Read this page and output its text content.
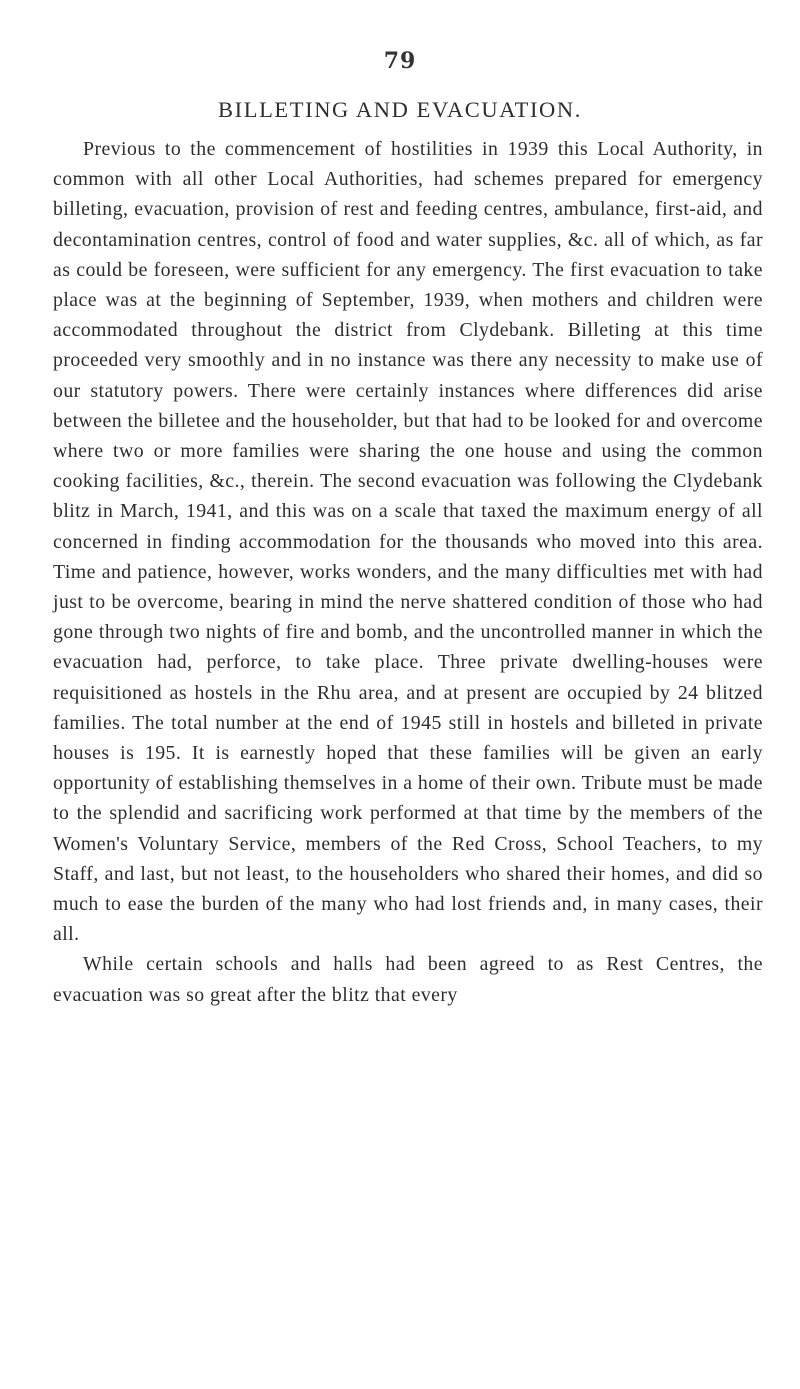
79
BILLETING AND EVACUATION.

Previous to the commencement of hostilities in 1939 this Local Authority, in common with all other Local Authorities, had schemes prepared for emergency billeting, evacuation, provision of rest and feeding centres, ambulance, first-aid, and decontamination centres, control of food and water supplies, &c. all of which, as far as could be foreseen, were sufficient for any emergency. The first evacuation to take place was at the beginning of September, 1939, when mothers and children were accommodated throughout the district from Clydebank. Billeting at this time proceeded very smoothly and in no instance was there any necessity to make use of our statutory powers. There were certainly instances where differences did arise between the billetee and the householder, but that had to be looked for and overcome where two or more families were sharing the one house and using the common cooking facilities, &c., therein. The second evacuation was following the Clydebank blitz in March, 1941, and this was on a scale that taxed the maximum energy of all concerned in finding accommodation for the thousands who moved into this area. Time and patience, however, works wonders, and the many difficulties met with had just to be overcome, bearing in mind the nerve shattered condition of those who had gone through two nights of fire and bomb, and the uncontrolled manner in which the evacuation had, perforce, to take place. Three private dwelling-houses were requisitioned as hostels in the Rhu area, and at present are occupied by 24 blitzed families. The total number at the end of 1945 still in hostels and billeted in private houses is 195. It is earnestly hoped that these families will be given an early opportunity of establishing themselves in a home of their own. Tribute must be made to the splendid and sacrificing work performed at that time by the members of the Women's Voluntary Service, members of the Red Cross, School Teachers, to my Staff, and last, but not least, to the householders who shared their homes, and did so much to ease the burden of the many who had lost friends and, in many cases, their all.

While certain schools and halls had been agreed to as Rest Centres, the evacuation was so great after the blitz that every
